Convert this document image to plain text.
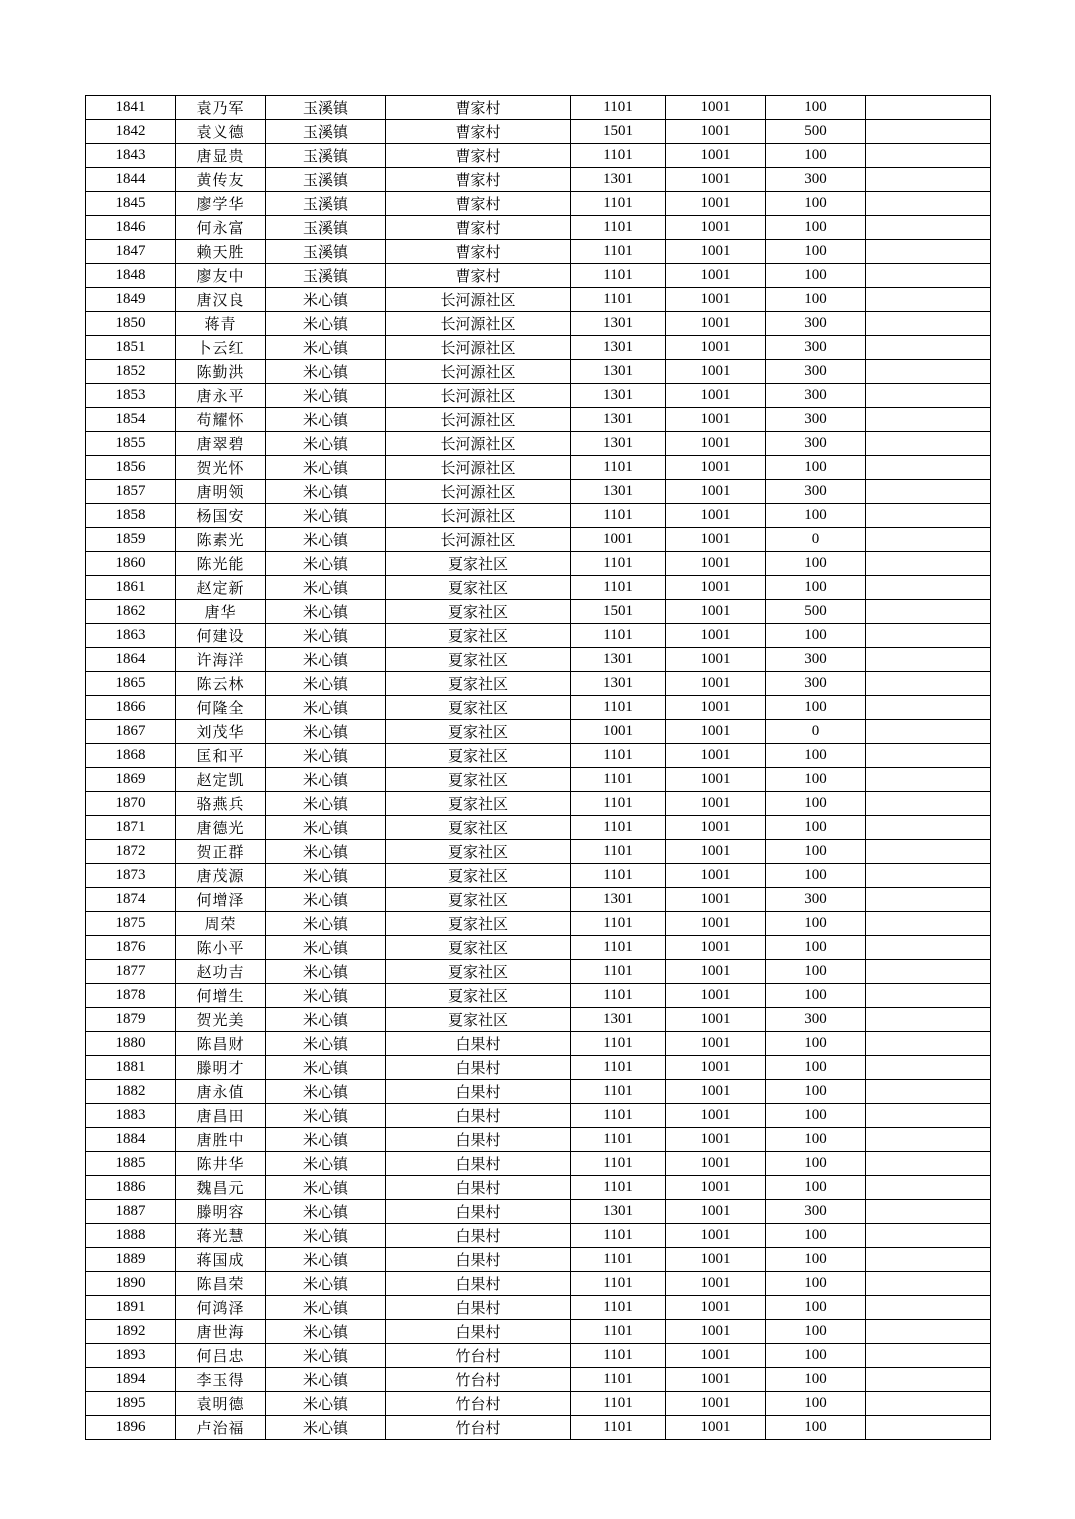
1841	袁乃军	玉溪镇	曹家村	1101	1001	100	
1842	袁义德	玉溪镇	曹家村	1501	1001	500	
1843	唐显贵	玉溪镇	曹家村	1101	1001	100	
1844	黄传友	玉溪镇	曹家村	1301	1001	300	
1845	廖学华	玉溪镇	曹家村	1101	1001	100	
1846	何永富	玉溪镇	曹家村	1101	1001	100	
1847	赖天胜	玉溪镇	曹家村	1101	1001	100	
1848	廖友中	玉溪镇	曹家村	1101	1001	100	
1849	唐汉良	米心镇	长河源社区	1101	1001	100	
1850	蒋青	米心镇	长河源社区	1301	1001	300	
1851	卜云红	米心镇	长河源社区	1301	1001	300	
1852	陈勤洪	米心镇	长河源社区	1301	1001	300	
1853	唐永平	米心镇	长河源社区	1301	1001	300	
1854	苟耀怀	米心镇	长河源社区	1301	1001	300	
1855	唐翠碧	米心镇	长河源社区	1301	1001	300	
1856	贺光怀	米心镇	长河源社区	1101	1001	100	
1857	唐明领	米心镇	长河源社区	1301	1001	300	
1858	杨国安	米心镇	长河源社区	1101	1001	100	
1859	陈素光	米心镇	长河源社区	1001	1001	0	
1860	陈光能	米心镇	夏家社区	1101	1001	100	
1861	赵定新	米心镇	夏家社区	1101	1001	100	
1862	唐华	米心镇	夏家社区	1501	1001	500	
1863	何建设	米心镇	夏家社区	1101	1001	100	
1864	许海洋	米心镇	夏家社区	1301	1001	300	
1865	陈云林	米心镇	夏家社区	1301	1001	300	
1866	何隆全	米心镇	夏家社区	1101	1001	100	
1867	刘茂华	米心镇	夏家社区	1001	1001	0	
1868	匡和平	米心镇	夏家社区	1101	1001	100	
1869	赵定凯	米心镇	夏家社区	1101	1001	100	
1870	骆燕兵	米心镇	夏家社区	1101	1001	100	
1871	唐德光	米心镇	夏家社区	1101	1001	100	
1872	贺正群	米心镇	夏家社区	1101	1001	100	
1873	唐茂源	米心镇	夏家社区	1101	1001	100	
1874	何增泽	米心镇	夏家社区	1301	1001	300	
1875	周荣	米心镇	夏家社区	1101	1001	100	
1876	陈小平	米心镇	夏家社区	1101	1001	100	
1877	赵功吉	米心镇	夏家社区	1101	1001	100	
1878	何增生	米心镇	夏家社区	1101	1001	100	
1879	贺光美	米心镇	夏家社区	1301	1001	300	
1880	陈昌财	米心镇	白果村	1101	1001	100	
1881	滕明才	米心镇	白果村	1101	1001	100	
1882	唐永值	米心镇	白果村	1101	1001	100	
1883	唐昌田	米心镇	白果村	1101	1001	100	
1884	唐胜中	米心镇	白果村	1101	1001	100	
1885	陈井华	米心镇	白果村	1101	1001	100	
1886	魏昌元	米心镇	白果村	1101	1001	100	
1887	滕明容	米心镇	白果村	1301	1001	300	
1888	蒋光慧	米心镇	白果村	1101	1001	100	
1889	蒋国成	米心镇	白果村	1101	1001	100	
1890	陈昌荣	米心镇	白果村	1101	1001	100	
1891	何鸿泽	米心镇	白果村	1101	1001	100	
1892	唐世海	米心镇	白果村	1101	1001	100	
1893	何吕忠	米心镇	竹台村	1101	1001	100	
1894	李玉得	米心镇	竹台村	1101	1001	100	
1895	袁明德	米心镇	竹台村	1101	1001	100	
1896	卢治福	米心镇	竹台村	1101	1001	100	
